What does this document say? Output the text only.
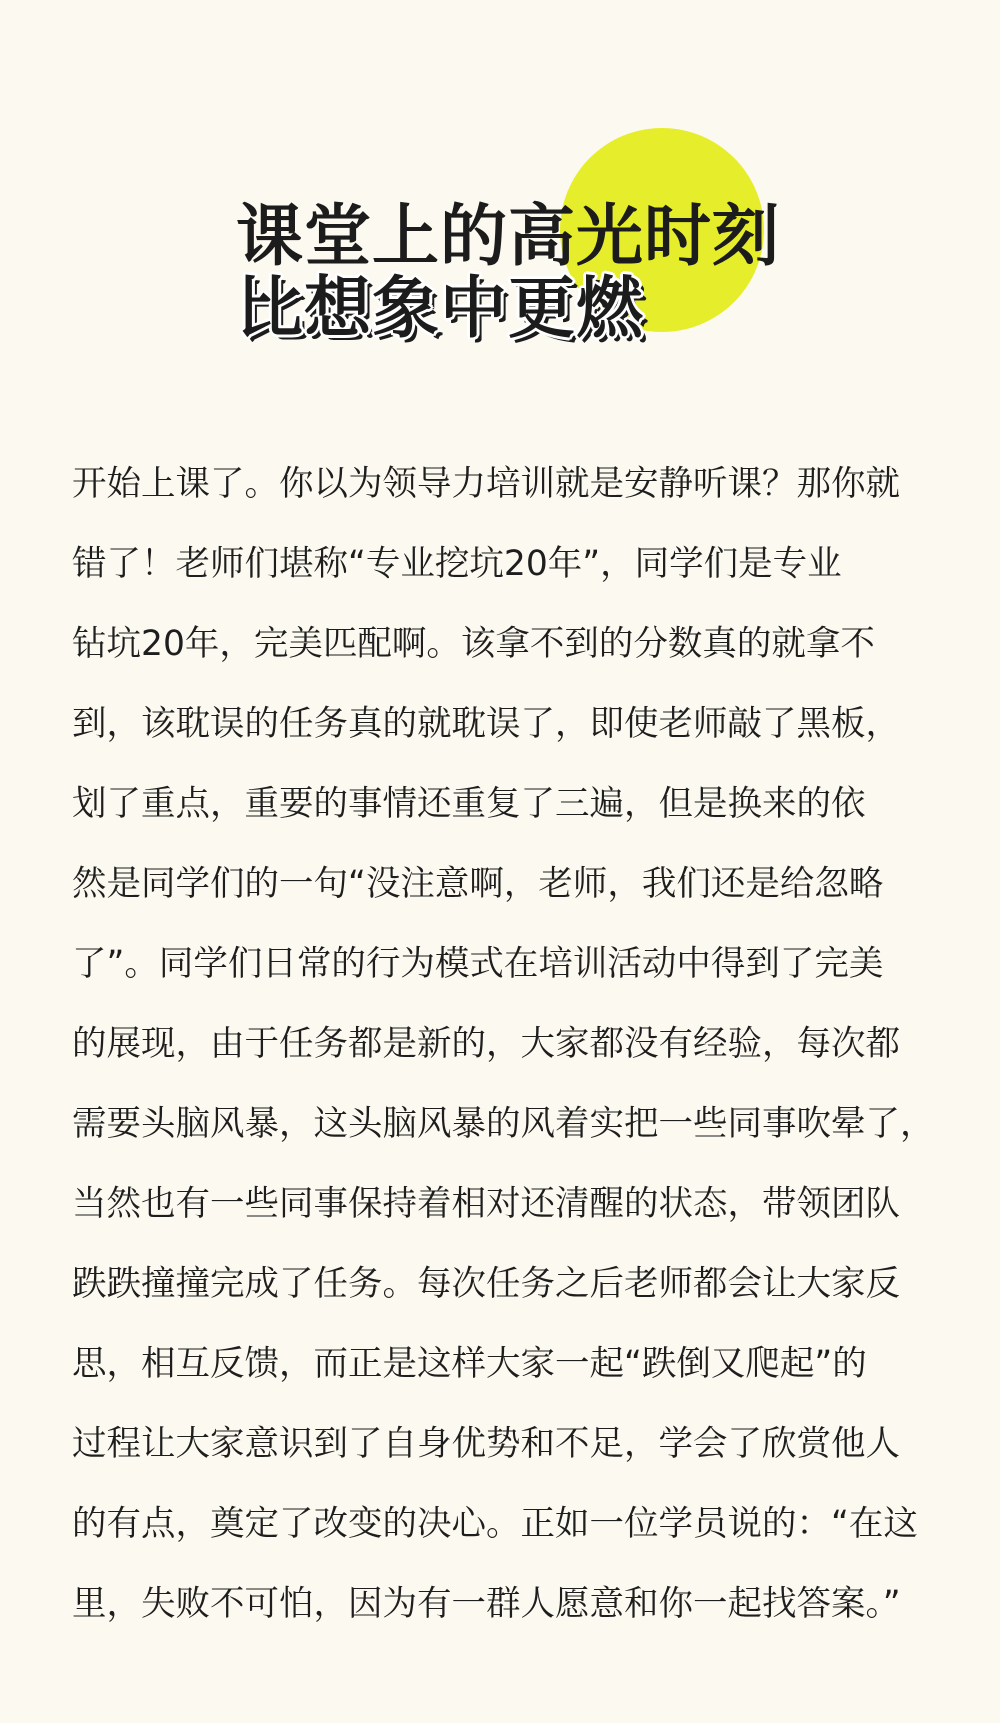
课堂上的高光时刻
比想象中更燃
开始上课了。你以为领导力培训就是安静听课？那你就
错了！老师们堪称“专业挖坑20年”，同学们是专业
钻坑20年，完美匹配啊。该拿不到的分数真的就拿不
到，该耽误的任务真的就耽误了，即使老师敲了黑板，
划了重点，重要的事情还重复了三遍，但是换来的依
然是同学们的一句“没注意啊，老师，我们还是给忽略
了”。同学们日常的行为模式在培训活动中得到了完美
的展现，由于任务都是新的，大家都没有经验，每次都
需要头脑风暴，这头脑风暴的风着实把一些同事吹晕了，
当然也有一些同事保持着相对还清醒的状态，带领团队
跌跌撞撞完成了任务。每次任务之后老师都会让大家反
思，相互反馈，而正是这样大家一起“跌倒又爬起”的
过程让大家意识到了自身优势和不足，学会了欣赏他人
的有点，奠定了改变的决心。正如一位学员说的：“在这
里，失败不可怕，因为有一群人愿意和你一起找答案。”
